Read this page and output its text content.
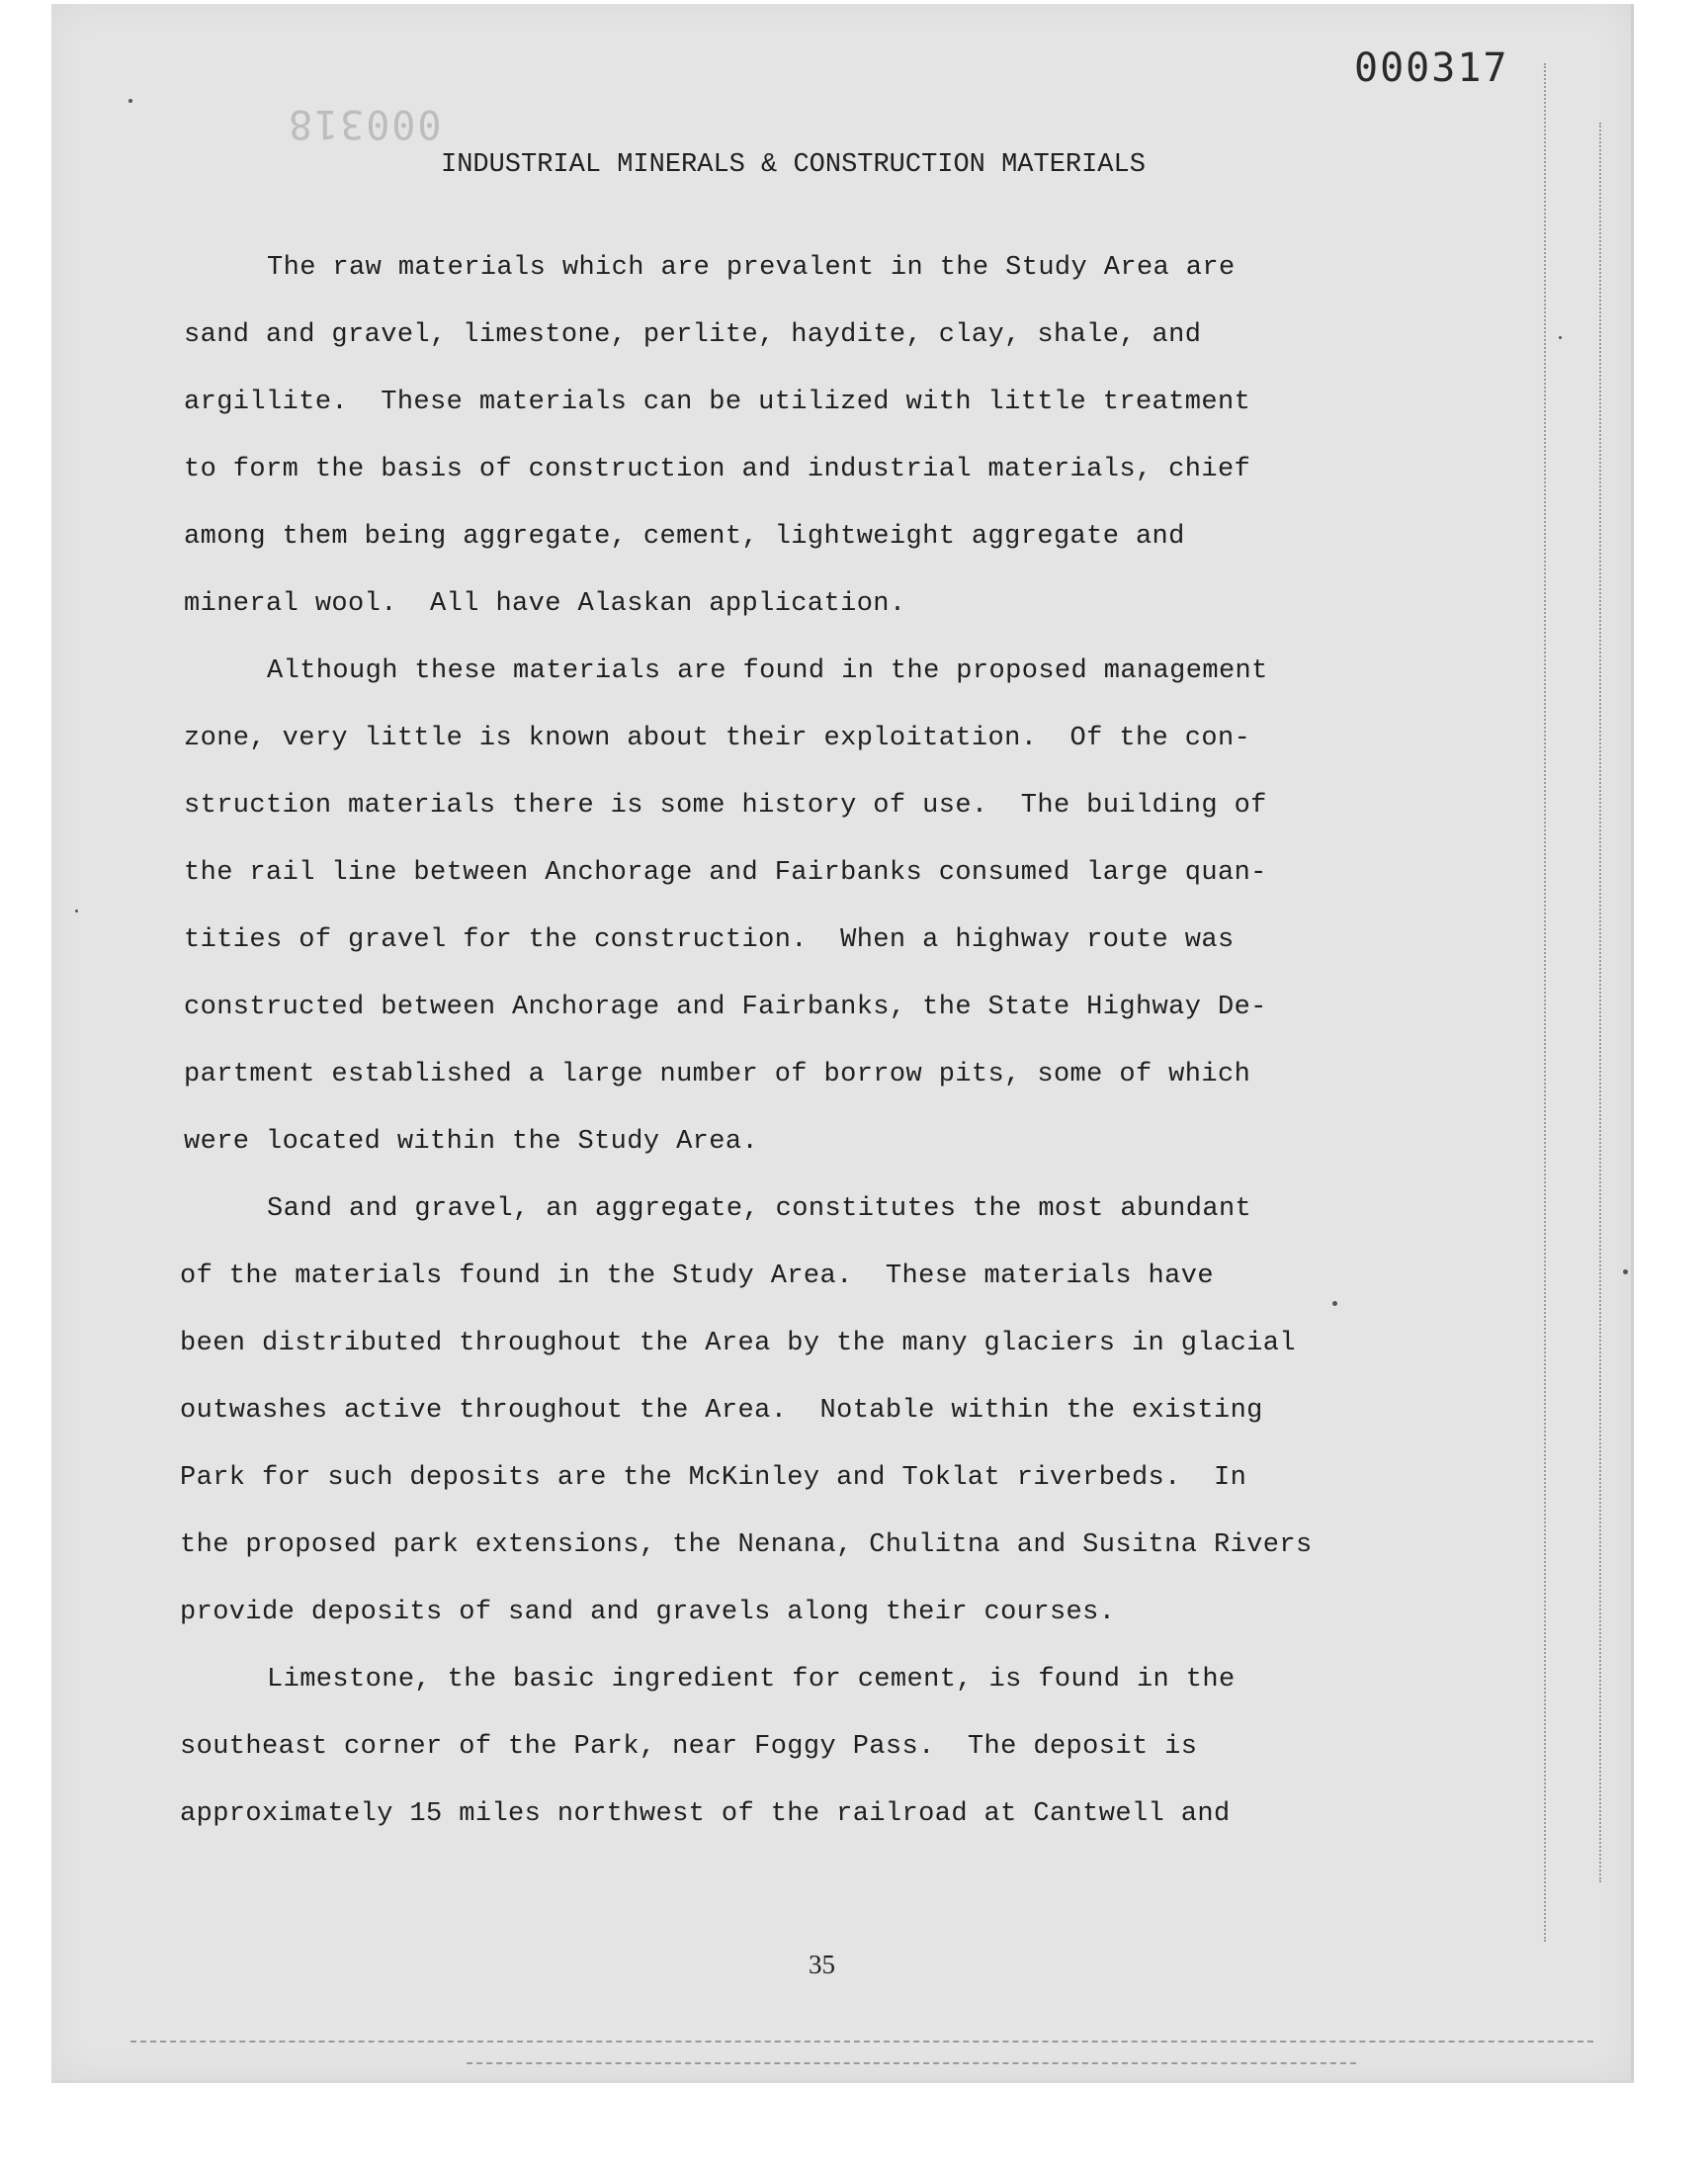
000318
000317
INDUSTRIAL MINERALS & CONSTRUCTION MATERIALS
The raw materials which are prevalent in the Study Area are
sand and gravel, limestone, perlite, haydite, clay, shale, and
argillite.  These materials can be utilized with little treatment
to form the basis of construction and industrial materials, chief
among them being aggregate, cement, lightweight aggregate and
mineral wool.  All have Alaskan application.
Although these materials are found in the proposed management
zone, very little is known about their exploitation.  Of the con-
struction materials there is some history of use.  The building of
the rail line between Anchorage and Fairbanks consumed large quan-
tities of gravel for the construction.  When a highway route was
constructed between Anchorage and Fairbanks, the State Highway De-
partment established a large number of borrow pits, some of which
were located within the Study Area.
Sand and gravel, an aggregate, constitutes the most abundant
of the materials found in the Study Area.  These materials have
been distributed throughout the Area by the many glaciers in glacial
outwashes active throughout the Area.  Notable within the existing
Park for such deposits are the McKinley and Toklat riverbeds.  In
the proposed park extensions, the Nenana, Chulitna and Susitna Rivers
provide deposits of sand and gravels along their courses.
Limestone, the basic ingredient for cement, is found in the
southeast corner of the Park, near Foggy Pass.  The deposit is
approximately 15 miles northwest of the railroad at Cantwell and
35
